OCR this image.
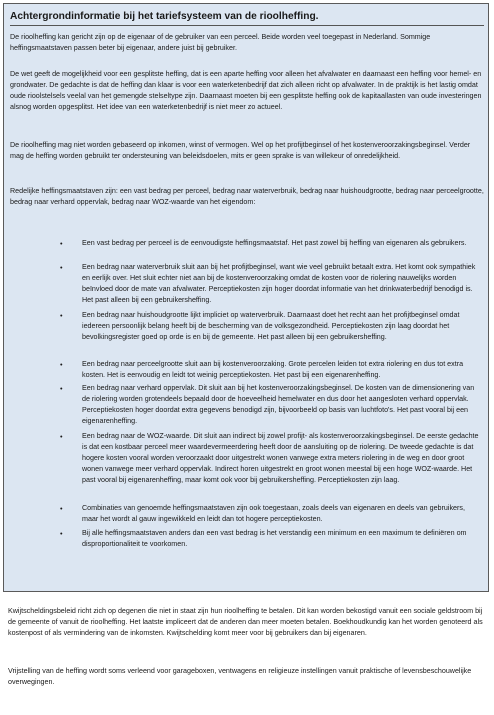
Achtergrondinformatie bij het tariefsysteem van de rioolheffing.

De rioolheffing kan gericht zijn op de eigenaar of de gebruiker van een perceel. Beide worden veel toegepast in Nederland. Sommige heffingsmaatstaven passen beter bij eigenaar, andere juist bij gebruiker.

De wet geeft de mogelijkheid voor een gesplitste heffing, dat is een aparte heffing voor alleen het afvalwater en daarnaast een heffing voor hemel- en grondwater. De gedachte is dat de heffing dan klaar is voor een waterketenbedrijf dat zich alleen richt op afvalwater. In de praktijk is het lastig omdat oude rioolstelsels veelal van het gemengde stelseltype zijn. Daarnaast moeten bij een gesplitste heffing ook de kapitaallasten van oude investeringen alsnog worden opgesplitst. Het idee van een waterketenbedrijf is niet meer zo actueel.

De rioolheffing mag niet worden gebaseerd op inkomen, winst of vermogen. Wel op het profijtbeginsel of het kostenveroorzakingsbeginsel. Verder mag de heffing worden gebruikt ter ondersteuning van beleidsdoelen, mits er geen sprake is van willekeur of onredelijkheid.

Redelijke heffingsmaatstaven zijn: een vast bedrag per perceel, bedrag naar waterverbruik, bedrag naar huishoudgrootte, bedrag naar perceelgrootte, bedrag naar verhard oppervlak, bedrag naar WOZ-waarde van het eigendom:

•	Een vast bedrag per perceel is de eenvoudigste heffingsmaatstaf. Het past zowel bij heffing van eigenaren als gebruikers.
•	Een bedrag naar waterverbruik sluit aan bij het profijtbeginsel, want wie veel gebruikt betaalt extra. Het komt ook sympathiek en eerlijk over. Het sluit echter niet aan bij de kostenveroorzaking omdat de kosten voor de riolering nauwelijks worden beïnvloed door de mate van afvalwater. Perceptiekosten zijn hoger doordat informatie van het drinkwaterbedrijf benodigd is. Het past alleen bij een gebruikersheffing.
•	Een bedrag naar huishoudgrootte lijkt impliciet op waterverbruik. Daarnaast doet het recht aan het profijtbeginsel omdat iedereen persoonlijk belang heeft bij de bescherming van de volksgezondheid. Perceptiekosten zijn laag doordat het bevolkingsregister goed op orde is en bij de gemeente. Het past alleen bij een gebruikersheffing.
•	Een bedrag naar perceelgrootte sluit aan bij kostenveroorzaking. Grote percelen leiden tot extra riolering en dus tot extra kosten. Het is eenvoudig en leidt tot weinig perceptiekosten. Het past bij een eigenarenheffing.
•	Een bedrag naar verhard oppervlak. Dit sluit aan bij het kostenveroorzakingsbeginsel. De kosten van de dimensionering van de riolering worden grotendeels bepaald door de hoeveelheid hemelwater en dus door het aangesloten verhard oppervlak. Perceptiekosten hoger doordat extra gegevens benodigd zijn, bijvoorbeeld op basis van luchtfoto's. Het past vooral bij een eigenarenheffing.
•	Een bedrag naar de WOZ-waarde. Dit sluit aan indirect bij zowel profijt- als kostenveroorzakingsbeginsel. De eerste gedachte is dat een kostbaar perceel meer waardevermeerdering heeft door de aansluiting op de riolering. De tweede gedachte is dat hogere kosten vooral worden veroorzaakt door uitgestrekt wonen vanwege extra meters riolering in de weg en door groot wonen vanwege meer verhard oppervlak. Indirect horen uitgestrekt en groot wonen meestal bij een hoge WOZ-waarde. Het past vooral bij eigenarenheffing, maar komt ook voor bij gebruikersheffing. Perceptiekosten zijn laag.
•	Combinaties van genoemde heffingsmaatstaven zijn ook toegestaan, zoals deels van eigenaren en deels van gebruikers, maar het wordt al gauw ingewikkeld en leidt dan tot hogere perceptiekosten.
•	Bij alle heffingsmaatstaven anders dan een vast bedrag is het verstandig een minimum en een maximum te definiëren om disproportionaliteit te voorkomen.

Kwijtscheldingsbeleid richt zich op degenen die niet in staat zijn hun rioolheffing te betalen. Dit kan worden bekostigd vanuit een sociale geldstroom bij de gemeente of vanuit de rioolheffing. Het laatste impliceert dat de anderen dan meer moeten betalen. Boekhoudkundig kan het worden genoteerd als kostenpost of als vermindering van de inkomsten. Kwijtschelding komt meer voor bij gebruikers dan bij eigenaren.

Vrijstelling van de heffing wordt soms verleend voor garageboxen, ventwagens en religieuze instellingen vanuit praktische of levensbeschouwelijke overwegingen.
